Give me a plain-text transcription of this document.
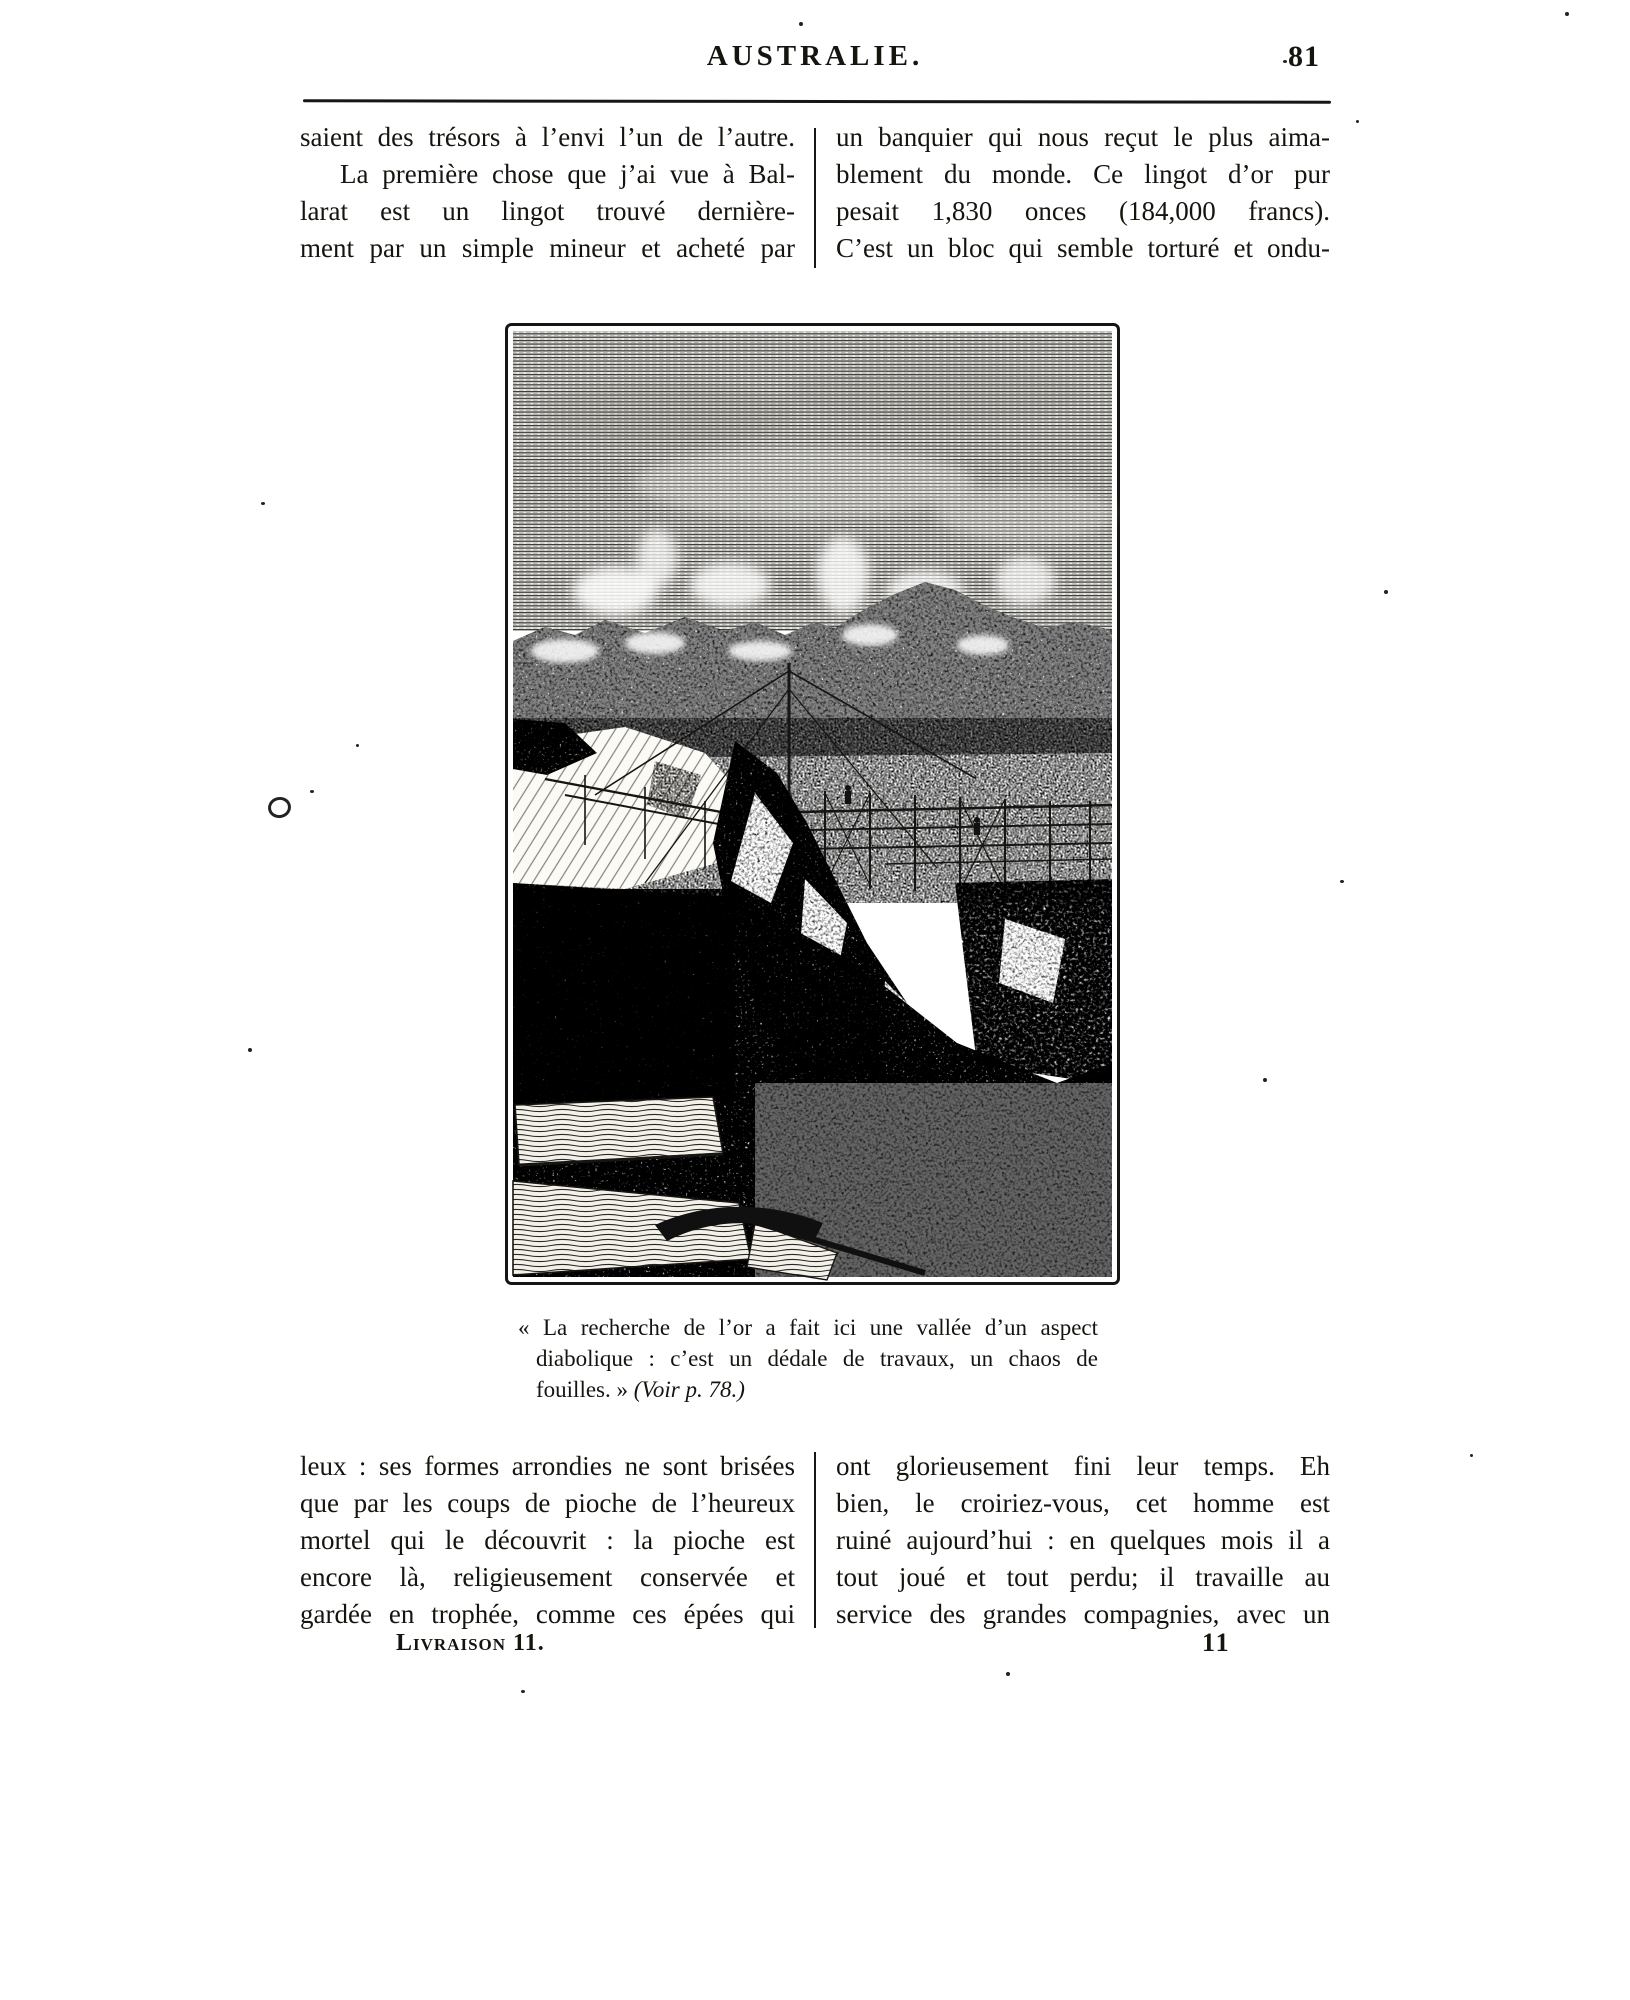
AUSTRALIE.	81
saient des trésors à l’envi l’un de l’autre.
La première chose que j’ai vue à Bal-
larat est un lingot trouvé dernière-
ment par un simple mineur et acheté par
un banquier qui nous reçut le plus aima-
blement du monde. Ce lingot d’or pur
pesait 1,830 onces (184,000 francs).
C’est un bloc qui semble torturé et ondu-
« La recherche de l’or a fait ici une vallée d’un aspect
diabolique : c’est un dédale de travaux, un chaos de
fouilles. » (Voir p. 78.)
leux : ses formes arrondies ne sont brisées
que par les coups de pioche de l’heureux
mortel qui le découvrit : la pioche est
encore là, religieusement conservée et
gardée en trophée, comme ces épées qui
ont glorieusement fini leur temps. Eh
bien, le croiriez-vous, cet homme est
ruiné aujourd’hui : en quelques mois il a
tout joué et tout perdu; il travaille au
service des grandes compagnies, avec un
Livraison 11.	11
